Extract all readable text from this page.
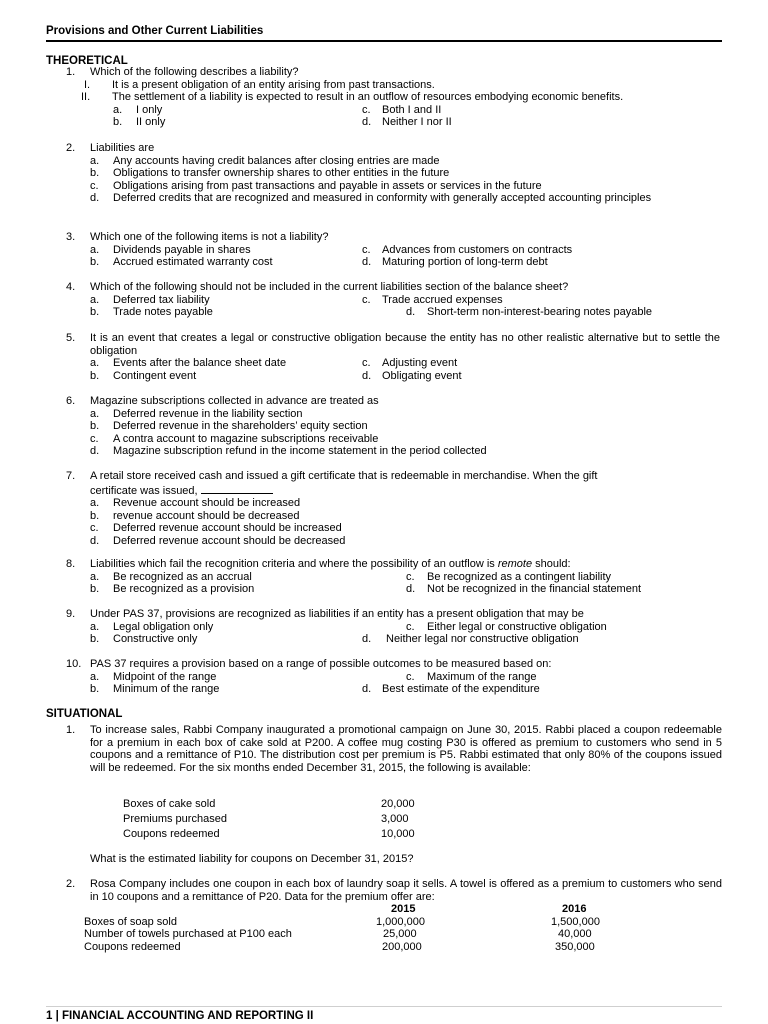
Provisions and Other Current Liabilities
THEORETICAL
1. Which of the following describes a liability?
I. It is a present obligation of an entity arising from past transactions.
II. The settlement of a liability is expected to result in an outflow of resources embodying economic benefits.
a. I only	c. Both I and II
b. II only	d. Neither I nor II
2. Liabilities are
a. Any accounts having credit balances after closing entries are made
b. Obligations to transfer ownership shares to other entities in the future
c. Obligations arising from past transactions and payable in assets or services in the future
d.	Deferred credits that are recognized and measured in conformity with generally accepted accounting principles
3. Which one of the following items is not a liability?
a. Dividends payable in shares	c. Advances from customers on contracts
b. Accrued estimated warranty cost	d. Maturing portion of long-term debt
4. Which of the following should not be included in the current liabilities section of the balance sheet?
a. Deferred tax liability	c. Trade accrued expenses
b. Trade notes payable	d. Short-term non-interest-bearing notes payable
5. It is an event that creates a legal or constructive obligation because the entity has no other realistic alternative but to settle the obligation
a. Events after the balance sheet date	c. Adjusting event
b. Contingent event	d. Obligating event
6. Magazine subscriptions collected in advance are treated as
a. Deferred revenue in the liability section
b. Deferred revenue in the shareholders’ equity section
c. A contra account to magazine subscriptions receivable
d. Magazine subscription refund in the income statement in the period collected
7. A retail store received cash and issued a gift certificate that is redeemable in merchandise. When the gift
certificate was issued,
a. Revenue account should be increased
b. revenue account should be decreased
c. Deferred revenue account should be increased
d. Deferred revenue account should be decreased
8. Liabilities which fail the recognition criteria and where the possibility of an outflow is remote should:
a. Be recognized as an accrual	c. Be recognized as a contingent liability
b. Be recognized as a provision	d. Not be recognized in the financial statement
9. Under PAS 37, provisions are recognized as liabilities if an entity has a present obligation that may be
a. Legal obligation only	c. Either legal or constructive obligation
b. Constructive only	d. Neither legal nor constructive obligation
10. PAS 37 requires a provision based on a range of possible outcomes to be measured based on:
a. Midpoint of the range	c. Maximum of the range
b. Minimum of the range	d. Best estimate of the expenditure
SITUATIONAL
1.	To increase sales, Rabbi Company inaugurated a promotional campaign on June 30, 2015. Rabbi placed a coupon redeemable for a premium in each box of cake sold at P200. A coffee mug costing P30 is offered as premium to customers who send in 5 coupons and a remittance of P10. The distribution cost per premium is P5. Rabbi estimated that only 80% of the coupons issued will be redeemed. For the six months ended December 31, 2015, the following is available:
Boxes of cake sold	20,000
Premiums purchased	3,000
Coupons redeemed	10,000
What is the estimated liability for coupons on December 31, 2015?
2.	Rosa Company includes one coupon in each box of laundry soap it sells. A towel is offered as a premium to customers who send in 10 coupons and a remittance of P20. Data for the premium offer are:
2015	2016
Boxes of soap sold	1,000,000	1,500,000
Number of towels purchased at P100 each	25,000	40,000
Coupons redeemed	200,000	350,000
1 | FINANCIAL ACCOUNTING AND REPORTING II
